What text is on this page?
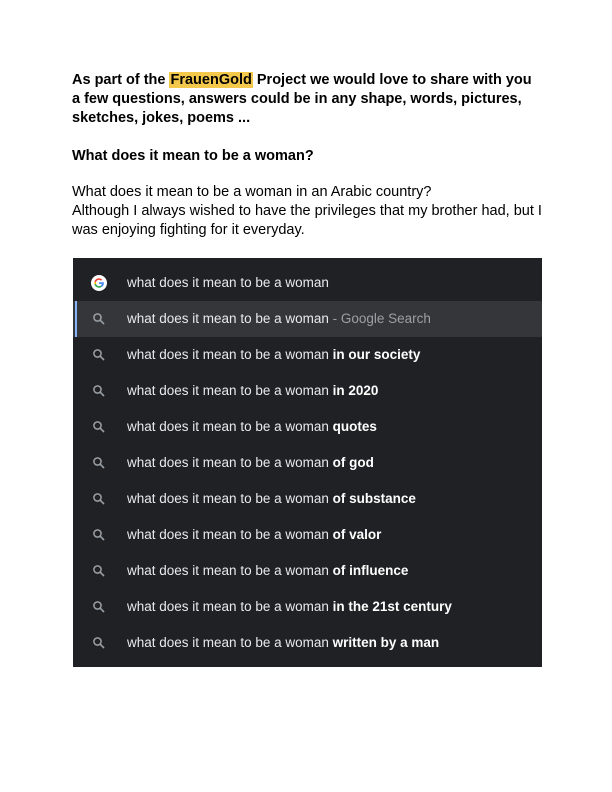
As part of the FrauenGold Project we would love to share with you a few questions, answers could be in any shape, words, pictures, sketches, jokes, poems ...
What does it mean to be a woman?

What does it mean to be a woman in an Arabic country?

Although I always wished to have the privileges that my brother had, but I was enjoying fighting for it everyday.

what does it mean to be a woman
what does it mean to be a woman - Google Search
what does it mean to be a woman in our society
what does it mean to be a woman in 2020
what does it mean to be a woman quotes
what does it mean to be a woman of god
what does it mean to be a woman of substance
what does it mean to be a woman of valor
what does it mean to be a woman of influence
what does it mean to be a woman in the 21st century
what does it mean to be a woman written by a man
